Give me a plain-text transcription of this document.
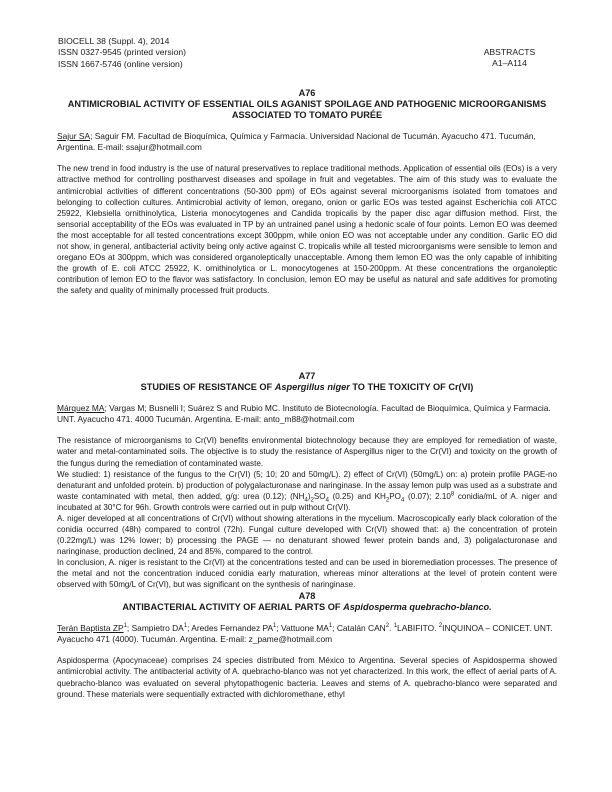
BIOCELL 38 (Suppl. 4), 2014
ISSN 0327-9545 (printed version)
ISSN 1667-5746 (online version)
ABSTRACTS
A1–A114
A76
ANTIMICROBIAL ACTIVITY OF ESSENTIAL OILS AGANIST SPOILAGE AND PATHOGENIC MICROORGANISMS ASSOCIATED TO TOMATO PURÉE
Sajur SA; Saguir FM. Facultad de Bioquímica, Química y Farmacia. Universidad Nacional de Tucumán. Ayacucho 471. Tucumán, Argentina. E-mail: ssajur@hotmail.com

The new trend in food industry is the use of natural preservatives to replace traditional methods. Application of essential oils (EOs) is a very attractive method for controlling postharvest diseases and spoilage in fruit and vegetables. The aim of this study was to evaluate the antimicrobial activities of different concentrations (50-300 ppm) of EOs against several microorganisms isolated from tomatoes and belonging to collection cultures. Antimicrobial activity of lemon, oregano, onion or garlic EOs was tested against Escherichia coli ATCC 25922, Klebsiella ornithinolytica, Listeria monocytogenes and Candida tropicalis by the paper disc agar diffusion method. First, the sensorial acceptability of the EOs was evaluated in TP by an untrained panel using a hedonic scale of four points. Lemon EO was deemed the most acceptable for all tested concentrations except 300ppm, while onion EO was not acceptable under any condition. Garlic EO did not show, in general, antibacterial activity being only active against C. tropicalis while all tested microorganisms were sensible to lemon and oregano EOs at 300ppm, which was considered organoleptically unacceptable. Among them lemon EO was the only capable of inhibiting the growth of E. coli ATCC 25922, K. ornithinolytica or L. monocytogenes at 150-200ppm. At these concentrations the organoleptic contribution of lemon EO to the flavor was satisfactory. In conclusion, lemon EO may be useful as natural and safe additives for promoting the safety and quality of minimally processed fruit products.

A77
STUDIES OF RESISTANCE OF Aspergillus niger TO THE TOXICITY OF Cr(VI)
Márquez MA; Vargas M; Busnelli I; Suárez S and Rubio MC. Instituto de Biotecnología. Facultad de Bioquímica, Química y Farmacia. UNT. Ayacucho 471. 4000 Tucumán. Argentina. E-mail: anto_m88@hotmail.com

The resistance of microorganisms to Cr(VI) benefits environmental biotechnology because they are employed for remediation of waste, water and metal-contaminated soils. The objective is to study the resistance of Aspergillus niger to the Cr(VI) and toxicity on the growth of the fungus during the remediation of contaminated waste.

We studied: 1) resistance of the fungus to the Cr(VI) (5; 10; 20 and 50mg/L). 2) effect of Cr(VI) (50mg/L) on: a) protein profile PAGE-no denaturant and unfolded protein. b) production of polygalacturonase and naringinase. In the assay lemon pulp was used as a substrate and waste contaminated with metal, then added, g/g: urea (0.12); $(NH_4)_2SO_4$ (0.25) and $KH_2PO_4$ (0.07); 2.10$^8$ conidia/mL of A. niger and incubated at 30°C for 96h. Growth controls were carried out in pulp without Cr(VI).

A. niger developed at all concentrations of Cr(VI) without showing alterations in the mycelium. Macroscopically early black coloration of the conidia occurred (48h) compared to control (72h). Fungal culture developed with Cr(VI) showed that: a) the concentration of protein (0.22mg/L) was 12% lower; b) processing the PAGE — no denaturant showed fewer protein bands and, 3) poligalacturonase and naringinase, production declined, 24 and 85%, compared to the control.

In conclusion, A. niger is resistant to the Cr(VI) at the concentrations tested and can be used in bioremediation processes. The presence of the metal and not the concentration induced conidia early maturation, whereas minor alterations at the level of protein content were observed with 50mg/L of Cr(VI), but was significant on the synthesis of naringinase.

A78
ANTIBACTERIAL ACTIVITY OF AERIAL PARTS OF Aspidosperma quebracho-blanco.
Terán Baptista $ZP^1$; Sampietro $DA^1$; Aredes Fernandez $PA^1$; Vattuone $MA^1$; Catalán CAN$^2$. $^1$LABIFITO. $^2$INQUINOA – CONICET. UNT. Ayacucho 471 (4000). Tucumán. Argentina. E-mail: z_pame@hotmail.com

Aspidosperma (Apocynaceae) comprises 24 species distributed from México to Argentina. Several species of Aspidosperma showed antimicrobial activity. The antibacterial activity of A. quebracho-blanco was not yet characterized. In this work, the effect of aerial parts of A. quebracho-blanco was evaluated on several phytopathogenic bacteria. Leaves and stems of A. quebracho-blanco were separated and ground. These materials were sequentially extracted with dichloromethane, ethyl
